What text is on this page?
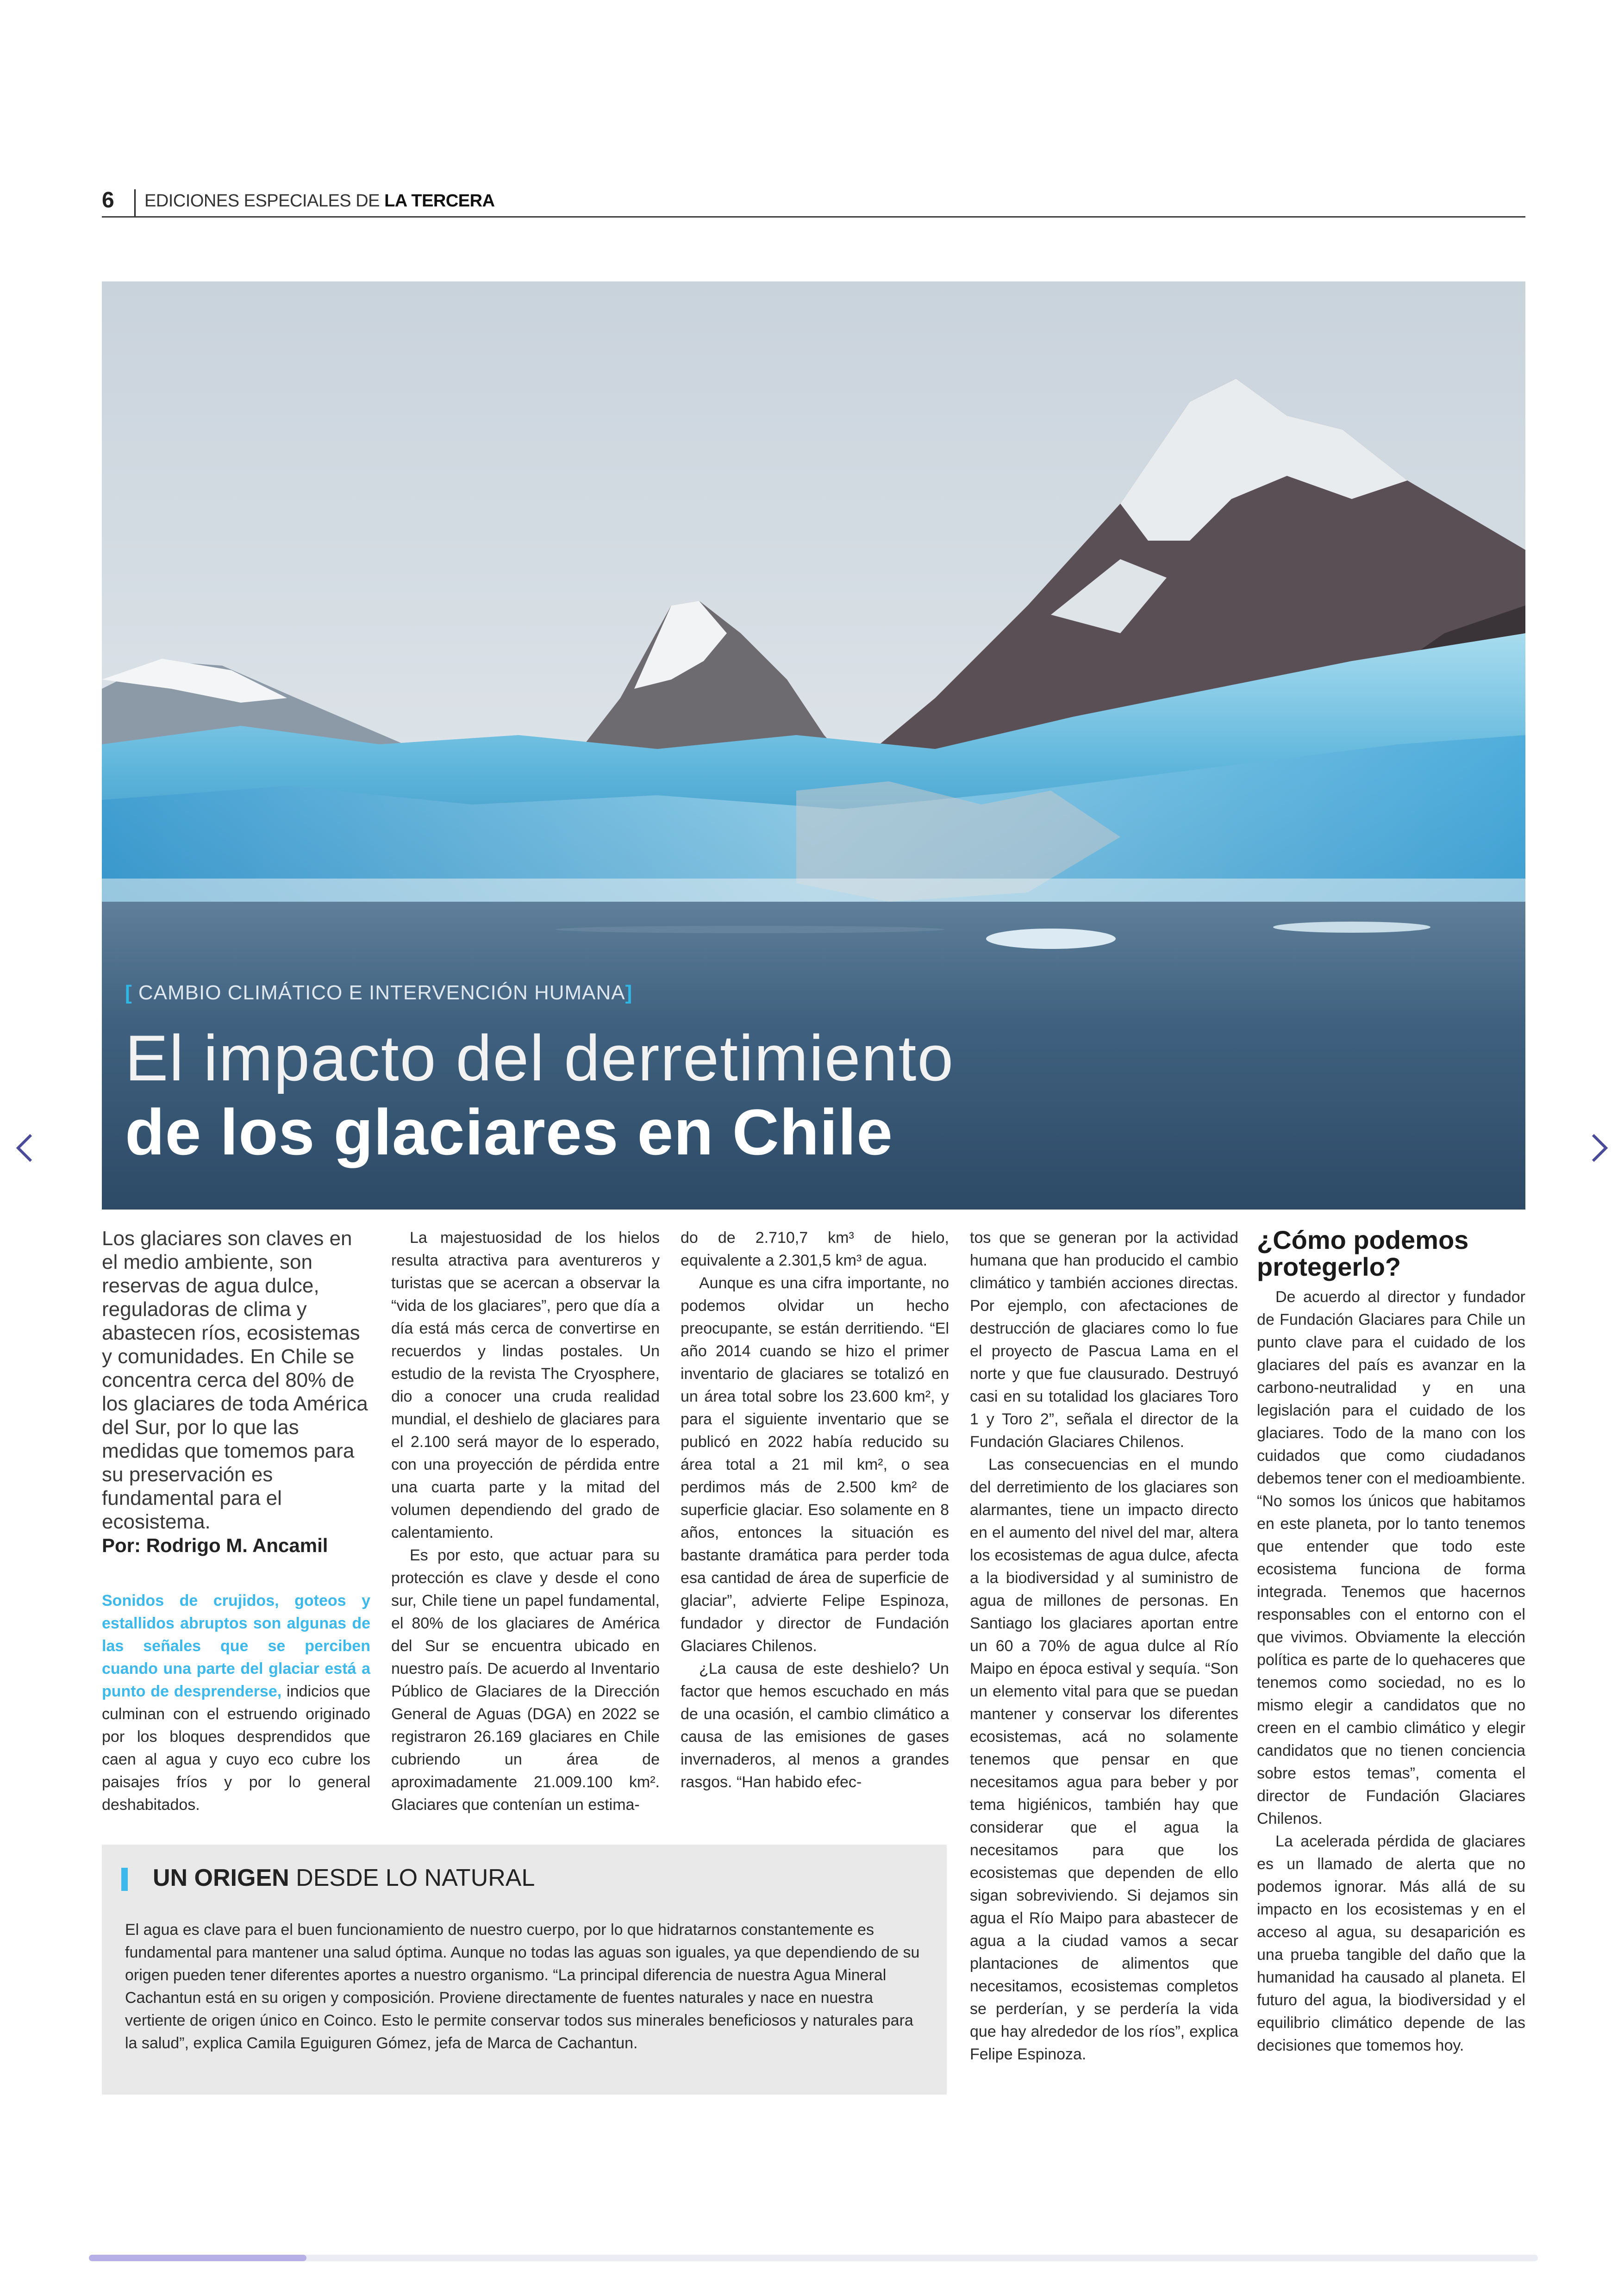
6 EDICIONES ESPECIALES DE LA TERCERA
[ CAMBIO CLIMÁTICO E INTERVENCIÓN HUMANA]
El impacto del derretimiento
de los glaciares en Chile
Los glaciares son claves en el medio ambiente, son reservas de agua dulce, reguladoras de clima y abastecen ríos, ecosistemas y comunidades. En Chile se concentra cerca del 80% de los glaciares de toda América del Sur, por lo que las medidas que tomemos para su preservación es fundamental para el ecosistema.
Por: Rodrigo M. Ancamil

Sonidos de crujidos, goteos y estallidos abruptos son algunas de las señales que se perciben cuando una parte del glaciar está a punto de desprenderse, indicios que culminan con el estruendo originado por los bloques desprendidos que caen al agua y cuyo eco cubre los paisajes fríos y por lo general deshabitados.

La majestuosidad de los hielos resulta atractiva para aventureros y turistas que se acercan a observar la “vida de los glaciares”, pero que día a día está más cerca de convertirse en recuerdos y lindas postales. Un estudio de la revista The Cryosphere, dio a conocer una cruda realidad mundial, el deshielo de glaciares para el 2.100 será mayor de lo esperado, con una proyección de pérdida entre una cuarta parte y la mitad del volumen dependiendo del grado de calentamiento.

Es por esto, que actuar para su protección es clave y desde el cono sur, Chile tiene un papel fundamental, el 80% de los glaciares de América del Sur se encuentra ubicado en nuestro país. De acuerdo al Inventario Público de Glaciares de la Dirección General de Aguas (DGA) en 2022 se registraron 26.169 glaciares en Chile cubriendo un área de aproximadamente 21.009.100 km². Glaciares que contenían un estima-

do de 2.710,7 km³ de hielo, equivalente a 2.301,5 km³ de agua.

Aunque es una cifra importante, no podemos olvidar un hecho preocupante, se están derritiendo. “El año 2014 cuando se hizo el primer inventario de glaciares se totalizó en un área total sobre los 23.600 km², y para el siguiente inventario que se publicó en 2022 había reducido su área total a 21 mil km², o sea perdimos más de 2.500 km² de superficie glaciar. Eso solamente en 8 años, entonces la situación es bastante dramática para perder toda esa cantidad de área de superficie de glaciar”, advierte Felipe Espinoza, fundador y director de Fundación Glaciares Chilenos.

¿La causa de este deshielo? Un factor que hemos escuchado en más de una ocasión, el cambio climático a causa de las emisiones de gases invernaderos, al menos a grandes rasgos. “Han habido efec-

tos que se generan por la actividad humana que han producido el cambio climático y también acciones directas. Por ejemplo, con afectaciones de destrucción de glaciares como lo fue el proyecto de Pascua Lama en el norte y que fue clausurado. Destruyó casi en su totalidad los glaciares Toro 1 y Toro 2”, señala el director de la Fundación Glaciares Chilenos.

Las consecuencias en el mundo del derretimiento de los glaciares son alarmantes, tiene un impacto directo en el aumento del nivel del mar, altera los ecosistemas de agua dulce, afecta a la biodiversidad y al suministro de agua de millones de personas. En Santiago los glaciares aportan entre un 60 a 70% de agua dulce al Río Maipo en época estival y sequía. “Son un elemento vital para que se puedan mantener y conservar los diferentes ecosistemas, acá no solamente tenemos que pensar en que necesitamos agua para beber y por tema higiénicos, también hay que considerar que el agua la necesitamos para que los ecosistemas que dependen de ello sigan sobreviviendo. Si dejamos sin agua el Río Maipo para abastecer de agua a la ciudad vamos a secar plantaciones de alimentos que necesitamos, ecosistemas completos se perderían, y se perdería la vida que hay alrededor de los ríos”, explica Felipe Espinoza.

¿Cómo podemos protegerlo?

De acuerdo al director y fundador de Fundación Glaciares para Chile un punto clave para el cuidado de los glaciares del país es avanzar en la carbono-neutralidad y en una legislación para el cuidado de los glaciares. Todo de la mano con los cuidados que como ciudadanos debemos tener con el medioambiente. “No somos los únicos que habitamos en este planeta, por lo tanto tenemos que entender que todo este ecosistema funciona de forma integrada. Tenemos que hacernos responsables con el entorno con el que vivimos. Obviamente la elección política es parte de lo quehaceres que tenemos como sociedad, no es lo mismo elegir a candidatos que no creen en el cambio climático y elegir candidatos que no tienen conciencia sobre estos temas”, comenta el director de Fundación Glaciares Chilenos.

La acelerada pérdida de glaciares es un llamado de alerta que no podemos ignorar. Más allá de su impacto en los ecosistemas y en el acceso al agua, su desaparición es una prueba tangible del daño que la humanidad ha causado al planeta. El futuro del agua, la biodiversidad y el equilibrio climático depende de las decisiones que tomemos hoy.

UN ORIGEN DESDE LO NATURAL
El agua es clave para el buen funcionamiento de nuestro cuerpo, por lo que hidratarnos constantemente es fundamental para mantener una salud óptima. Aunque no todas las aguas son iguales, ya que dependiendo de su origen pueden tener diferentes aportes a nuestro organismo. “La principal diferencia de nuestra Agua Mineral Cachantun está en su origen y composición. Proviene directamente de fuentes naturales y nace en nuestra vertiente de origen único en Coinco. Esto le permite conservar todos sus minerales beneficiosos y naturales para la salud”, explica Camila Eguiguren Gómez, jefa de Marca de Cachantun.
